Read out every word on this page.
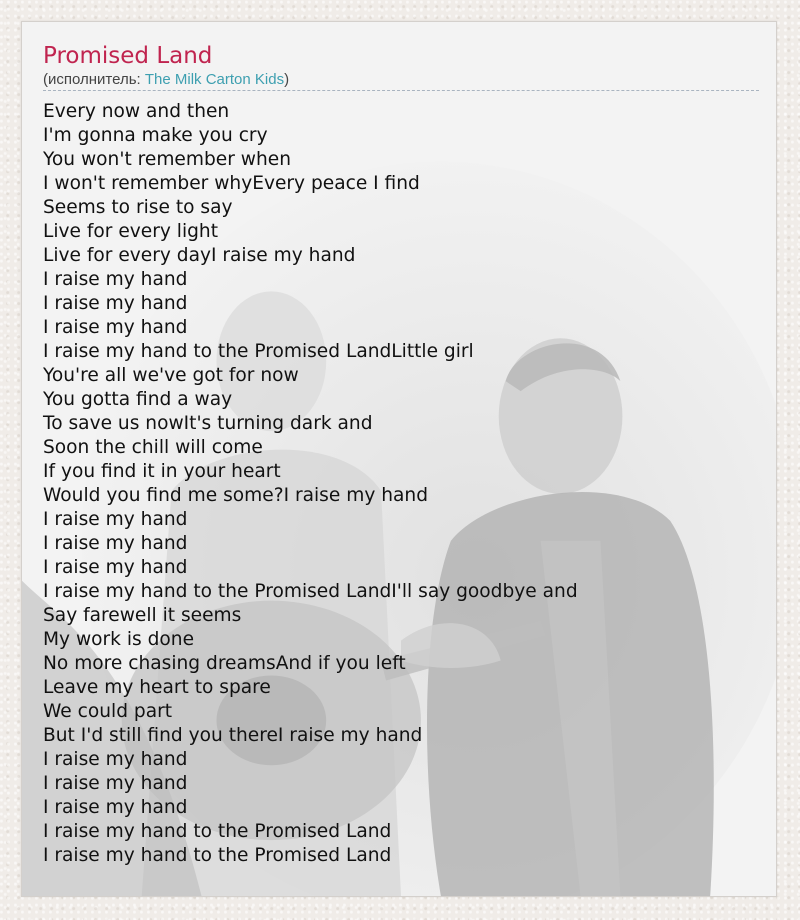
Promised Land
(исполнитель: The Milk Carton Kids)
Every now and then
I'm gonna make you cry
You won't remember when
I won't remember whyEvery peace I find
Seems to rise to say
Live for every light
Live for every dayI raise my hand
I raise my hand
I raise my hand
I raise my hand
I raise my hand to the Promised LandLittle girl
You're all we've got for now
You gotta find a way
To save us nowIt's turning dark and
Soon the chill will come
If you find it in your heart
Would you find me some?I raise my hand
I raise my hand
I raise my hand
I raise my hand
I raise my hand to the Promised LandI'll say goodbye and
Say farewell it seems
My work is done
No more chasing dreamsAnd if you left
Leave my heart to spare
We could part
But I'd still find you thereI raise my hand
I raise my hand
I raise my hand
I raise my hand
I raise my hand to the Promised Land
I raise my hand to the Promised Land
